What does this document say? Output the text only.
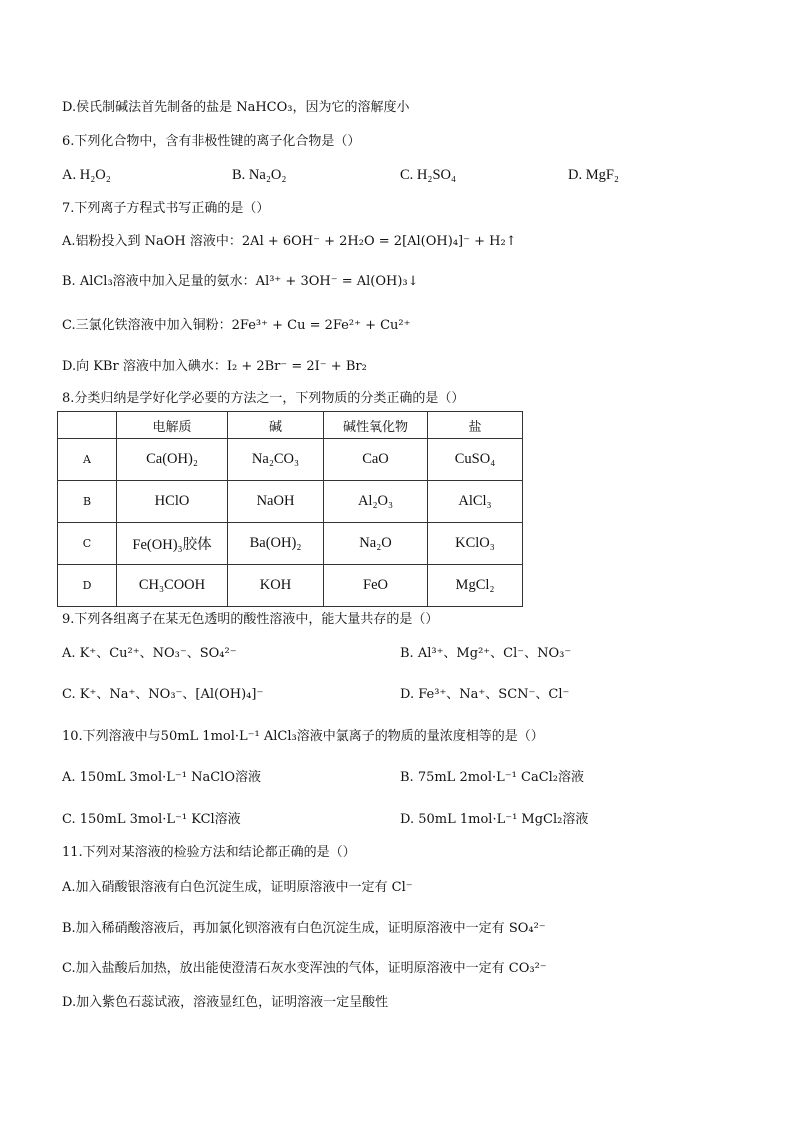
D.侯氏制碱法首先制备的盐是 NaHCO₃，因为它的溶解度小
6.下列化合物中，含有非极性键的离子化合物是（）
A. H₂O₂	B. Na₂O₂	C. H₂SO₄	D. MgF₂
7.下列离子方程式书写正确的是（）
A.铝粉投入到 NaOH 溶液中：2Al + 6OH⁻ + 2H₂O = 2[Al(OH)₄]⁻ + H₂↑
B. AlCl₃溶液中加入足量的氨水：Al³⁺ + 3OH⁻ = Al(OH)₃↓
C.三氯化铁溶液中加入铜粉：2Fe³⁺ + Cu = 2Fe²⁺ + Cu²⁺
D.向 KBr 溶液中加入碘水：I₂ + 2Br⁻ = 2I⁻ + Br₂
8.分类归纳是学好化学必要的方法之一，下列物质的分类正确的是（）
	电解质	碱	碱性氧化物	盐
A	Ca(OH)₂	Na₂CO₃	CaO	CuSO₄
B	HClO	NaOH	Al₂O₃	AlCl₃
C	Fe(OH)₃胶体	Ba(OH)₂	Na₂O	KClO₃
D	CH₃COOH	KOH	FeO	MgCl₂
9.下列各组离子在某无色透明的酸性溶液中，能大量共存的是（）
A. K⁺、Cu²⁺、NO₃⁻、SO₄²⁻	B. Al³⁺、Mg²⁺、Cl⁻、NO₃⁻
C. K⁺、Na⁺、NO₃⁻、[Al(OH)₄]⁻	D. Fe³⁺、Na⁺、SCN⁻、Cl⁻
10.下列溶液中与50mL 1mol·L⁻¹ AlCl₃溶液中氯离子的物质的量浓度相等的是（）
A. 150mL 3mol·L⁻¹ NaClO溶液	B. 75mL 2mol·L⁻¹ CaCl₂溶液
C. 150mL 3mol·L⁻¹ KCl溶液	D. 50mL 1mol·L⁻¹ MgCl₂溶液
11.下列对某溶液的检验方法和结论都正确的是（）
A.加入硝酸银溶液有白色沉淀生成，证明原溶液中一定有 Cl⁻
B.加入稀硝酸溶液后，再加氯化钡溶液有白色沉淀生成，证明原溶液中一定有 SO₄²⁻
C.加入盐酸后加热，放出能使澄清石灰水变浑浊的气体，证明原溶液中一定有 CO₃²⁻
D.加入紫色石蕊试液，溶液显红色，证明溶液一定呈酸性
